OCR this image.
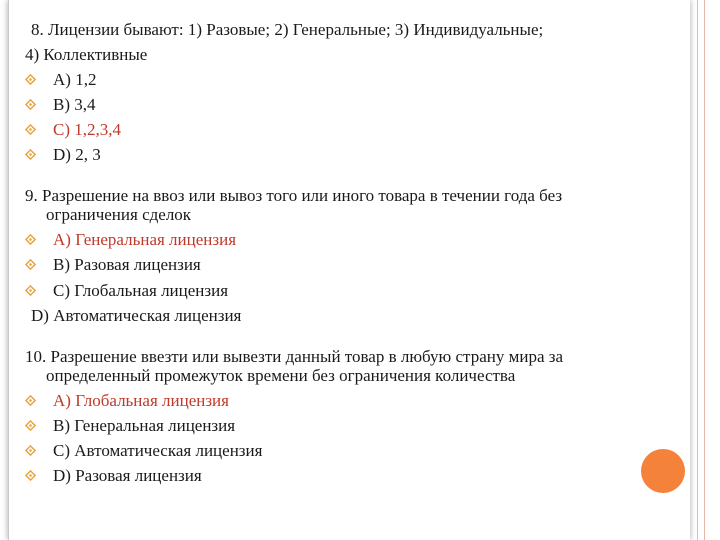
8. Лицензии бывают: 1) Разовые; 2) Генеральные; 3) Индивидуальные;
4) Коллективные
A) 1,2
B) 3,4
C) 1,2,3,4
D) 2, 3
9. Разрешение на ввоз или вывоз того или иного товара в течении года без
ограничения сделок
А) Генеральная лицензия
В) Разовая лицензия
С) Глобальная лицензия
D) Автоматическая лицензия
10. Разрешение ввезти или вывезти данный товар в любую страну мира за
определенный промежуток времени без ограничения количества
А) Глобальная лицензия
В) Генеральная лицензия
С) Автоматическая лицензия
D) Разовая лицензия
